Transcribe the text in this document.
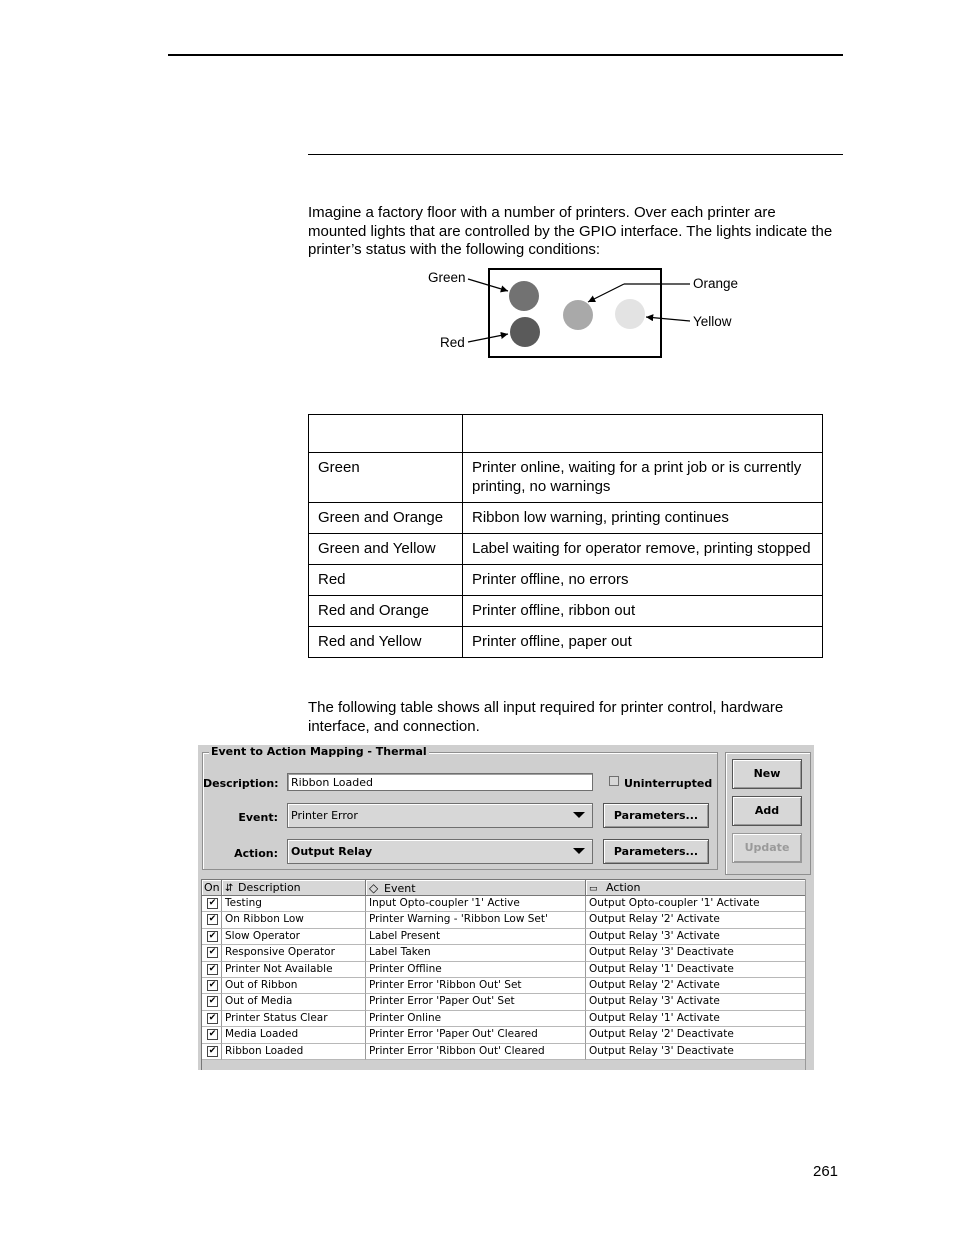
Imagine a factory floor with a number of printers. Over each printer are mounted lights that are controlled by the GPIO interface. The lights indicate the printer’s status with the following conditions:
Green
Red
Orange
Yellow

Green	Printer online, waiting for a print job or is currently printing, no warnings
Green and Orange	Ribbon low warning, printing continues
Green and Yellow	Label waiting for operator remove, printing stopped
Red	Printer offline, no errors
Red and Orange	Printer offline, ribbon out
Red and Yellow	Printer offline, paper out
The following table shows all input required for printer control, hardware interface, and connection.
Event to Action Mapping - Thermal
Description:	Ribbon Loaded	Uninterrupted
Event:	Printer Error	Parameters...
Action:	Output Relay	Parameters...
New
Add
Update
On ⇵ Description	◇ Event	▭ Action
✔ Testing	Input Opto-coupler '1' Active	Output Opto-coupler '1' Activate
✔ On Ribbon Low	Printer Warning - 'Ribbon Low Set'	Output Relay '2' Activate
✔ Slow Operator	Label Present	Output Relay '3' Activate
✔ Responsive Operator	Label Taken	Output Relay '3' Deactivate
✔ Printer Not Available	Printer Offline	Output Relay '1' Deactivate
✔ Out of Ribbon	Printer Error 'Ribbon Out' Set	Output Relay '2' Activate
✔ Out of Media	Printer Error 'Paper Out' Set	Output Relay '3' Activate
✔ Printer Status Clear	Printer Online	Output Relay '1' Activate
✔ Media Loaded	Printer Error 'Paper Out' Cleared	Output Relay '2' Deactivate
✔ Ribbon Loaded	Printer Error 'Ribbon Out' Cleared	Output Relay '3' Deactivate
261
